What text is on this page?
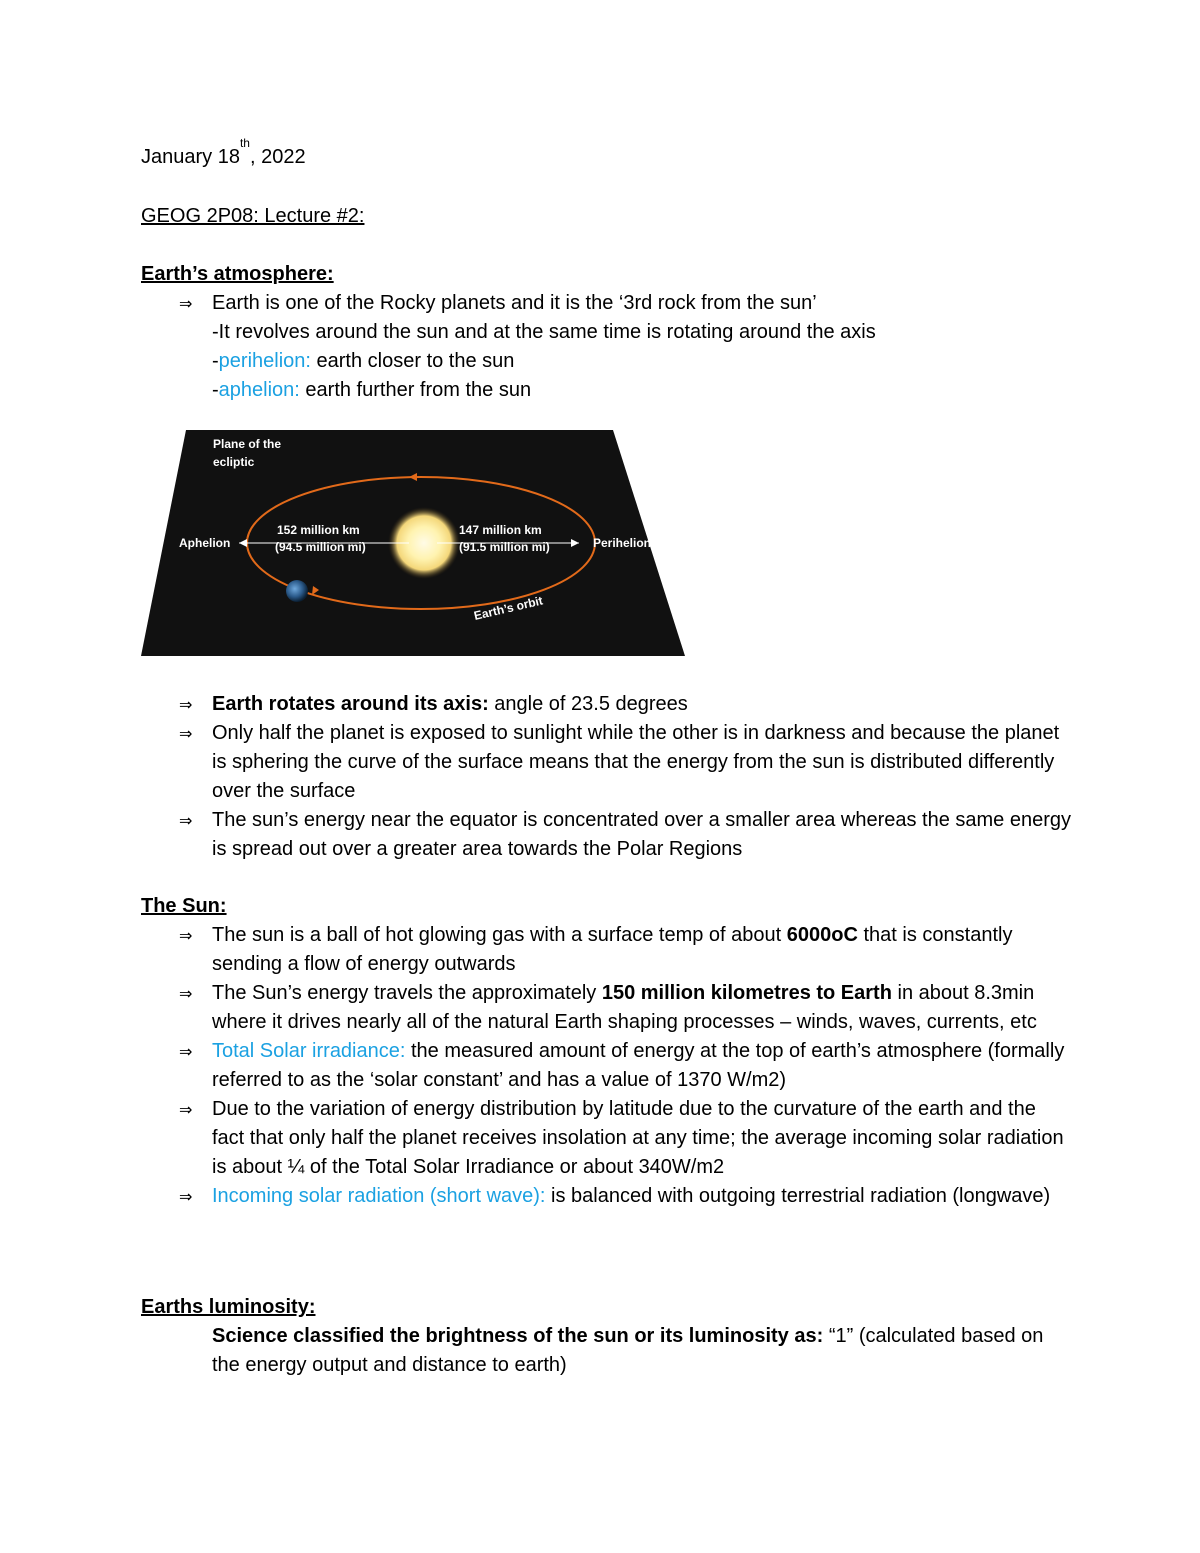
January 18th, 2022
GEOG 2P08: Lecture #2:
Earth’s atmosphere:
⇒ Earth is one of the Rocky planets and it is the ‘3rd rock from the sun’
-It revolves around the sun and at the same time is rotating around the axis
-perihelion: earth closer to the sun
-aphelion: earth further from the sun
Plane of the
ecliptic
Aphelion	Perihelion
152 million km
(94.5 million mi)
147 million km
(91.5 million mi)
Earth’s orbit
⇒ Earth rotates around its axis: angle of 23.5 degrees
⇒ Only half the planet is exposed to sunlight while the other is in darkness and because the planet is sphering the curve of the surface means that the energy from the sun is distributed differently over the surface
⇒ The sun’s energy near the equator is concentrated over a smaller area whereas the same energy is spread out over a greater area towards the Polar Regions
The Sun:
⇒ The sun is a ball of hot glowing gas with a surface temp of about 6000oC that is constantly sending a flow of energy outwards
⇒ The Sun’s energy travels the approximately 150 million kilometres to Earth in about 8.3min where it drives nearly all of the natural Earth shaping processes – winds, waves, currents, etc
⇒ Total Solar irradiance: the measured amount of energy at the top of earth’s atmosphere (formally referred to as the ‘solar constant’ and has a value of 1370 W/m2)
⇒ Due to the variation of energy distribution by latitude due to the curvature of the earth and the fact that only half the planet receives insolation at any time; the average incoming solar radiation is about ¼ of the Total Solar Irradiance or about 340W/m2
⇒ Incoming solar radiation (short wave): is balanced with outgoing terrestrial radiation (longwave)
Earths luminosity:
Science classified the brightness of the sun or its luminosity as: “1” (calculated based on the energy output and distance to earth)
